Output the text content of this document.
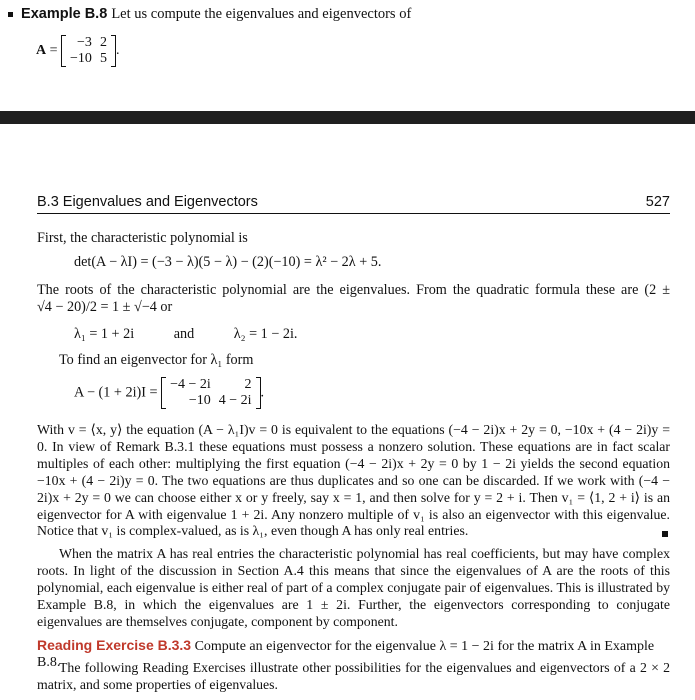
Example B.8 Let us compute the eigenvalues and eigenvectors of
A =
−3	2
−10	5
.
B.3 Eigenvalues and Eigenvectors	527
First, the characteristic polynomial is
det(A − λI) = (−3 − λ)(5 − λ) − (2)(−10) = λ² − 2λ + 5.
The roots of the characteristic polynomial are the eigenvalues. From the quadratic formula these are (2 ±
√4 − 20)/2 = 1 ± √−4 or
λ₁ = 1 + 2i	and	λ₂ = 1 − 2i.
To find an eigenvector for λ₁ form
A − (1 + 2i)I = −4 − 2i	2
−10	4 − 2i
.

With v = ⟨x, y⟩ the equation (A − λ₁I)v = 0 is equivalent to the equations (−4 − 2i)x + 2y = 0, −10x + (4 − 2i)y = 0. In view of Remark B.3.1 these equations must possess a nonzero solution. These equations are in fact scalar multiples of each other: multiplying the first equation (−4 − 2i)x + 2y = 0 by 1 − 2i yields the second equation −10x + (4 − 2i)y = 0. The two equations are thus duplicates and so one can be discarded. If we work with (−4 − 2i)x + 2y = 0 we can choose either x or y freely, say x = 1, and then solve for y = 2 + i. Then v₁ = ⟨1, 2 + i⟩ is an eigenvector for A with eigenvalue 1 + 2i. Any nonzero multiple of v₁ is also an eigenvector with this eigenvalue. Notice that v₁ is complex-valued, as is λ₁, even though A has only real entries.

When the matrix A has real entries the characteristic polynomial has real coefficients, but may have complex roots. In light of the discussion in Section A.4 this means that since the eigenvalues of A are the roots of this polynomial, each eigenvalue is either real of part of a complex conjugate pair of eigenvalues. This is illustrated by Example B.8, in which the eigenvalues are 1 ± 2i. Further, the eigenvectors corresponding to conjugate eigenvalues are themselves conjugate, component by component.

Reading Exercise B.3.3 Compute an eigenvector for the eigenvalue λ = 1 − 2i for the matrix A in Example B.8.

The following Reading Exercises illustrate other possibilities for the eigenvalues and eigenvectors of a 2 × 2 matrix, and some properties of eigenvalues.
